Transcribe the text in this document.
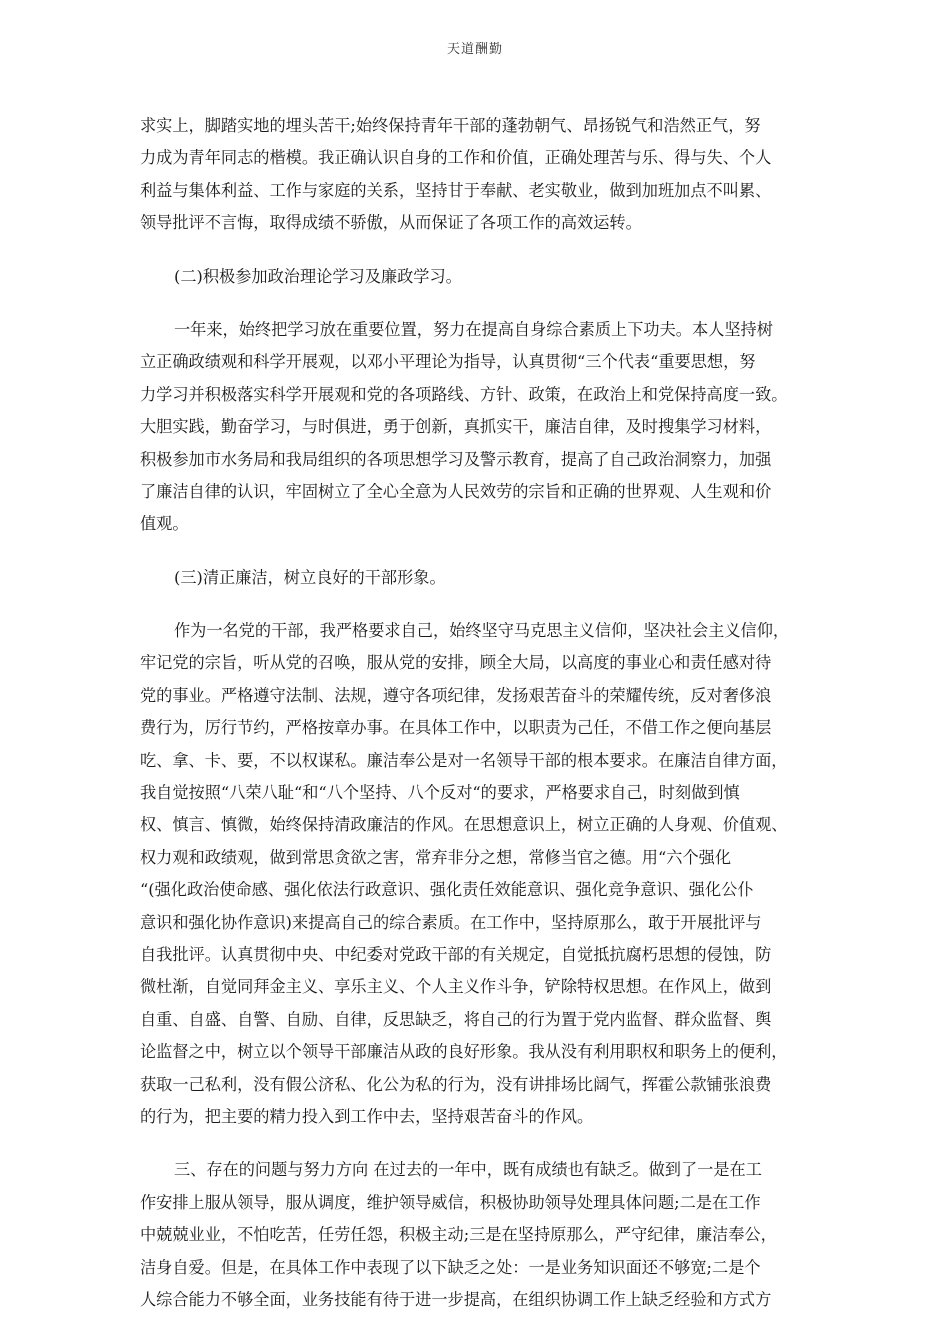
天道酬勤
求实上，脚踏实地的埋头苦干;始终保持青年干部的蓬勃朝气、昂扬锐气和浩然正气，努
力成为青年同志的楷模。我正确认识自身的工作和价值，正确处理苦与乐、得与失、个人
利益与集体利益、工作与家庭的关系，坚持甘于奉献、老实敬业，做到加班加点不叫累、
领导批评不言悔，取得成绩不骄傲，从而保证了各项工作的高效运转。
(二)积极参加政治理论学习及廉政学习。
一年来，始终把学习放在重要位置，努力在提高自身综合素质上下功夫。本人坚持树
立正确政绩观和科学开展观，以邓小平理论为指导，认真贯彻“三个代表“重要思想，努
力学习并积极落实科学开展观和党的各项路线、方针、政策，在政治上和党保持高度一致。
大胆实践，勤奋学习，与时俱进，勇于创新，真抓实干，廉洁自律，及时搜集学习材料，
积极参加市水务局和我局组织的各项思想学习及警示教育，提高了自己政治洞察力，加强
了廉洁自律的认识，牢固树立了全心全意为人民效劳的宗旨和正确的世界观、人生观和价
值观。
(三)清正廉洁，树立良好的干部形象。
作为一名党的干部，我严格要求自己，始终坚守马克思主义信仰，坚决社会主义信仰，
牢记党的宗旨，听从党的召唤，服从党的安排，顾全大局，以高度的事业心和责任感对待
党的事业。严格遵守法制、法规，遵守各项纪律，发扬艰苦奋斗的荣耀传统，反对奢侈浪
费行为，厉行节约，严格按章办事。在具体工作中，以职责为己任，不借工作之便向基层
吃、拿、卡、要，不以权谋私。廉洁奉公是对一名领导干部的根本要求。在廉洁自律方面，
我自觉按照“八荣八耻“和“八个坚持、八个反对“的要求，严格要求自己，时刻做到慎
权、慎言、慎微，始终保持清政廉洁的作风。在思想意识上，树立正确的人身观、价值观、
权力观和政绩观，做到常思贪欲之害，常弃非分之想，常修当官之德。用“六个强化
“(强化政治使命感、强化依法行政意识、强化责任效能意识、强化竞争意识、强化公仆
意识和强化协作意识)来提高自己的综合素质。在工作中，坚持原那么，敢于开展批评与
自我批评。认真贯彻中央、中纪委对党政干部的有关规定，自觉抵抗腐朽思想的侵蚀，防
微杜渐，自觉同拜金主义、享乐主义、个人主义作斗争，铲除特权思想。在作风上，做到
自重、自盛、自警、自励、自律，反思缺乏，将自己的行为置于党内监督、群众监督、舆
论监督之中，树立以个领导干部廉洁从政的良好形象。我从没有利用职权和职务上的便利，
获取一己私利，没有假公济私、化公为私的行为，没有讲排场比阔气，挥霍公款铺张浪费
的行为，把主要的精力投入到工作中去，坚持艰苦奋斗的作风。
三、存在的问题与努力方向 在过去的一年中，既有成绩也有缺乏。做到了一是在工
作安排上服从领导，服从调度，维护领导威信，积极协助领导处理具体问题;二是在工作
中兢兢业业，不怕吃苦，任劳任怨，积极主动;三是在坚持原那么，严守纪律，廉洁奉公，
洁身自爱。但是，在具体工作中表现了以下缺乏之处：一是业务知识面还不够宽;二是个
人综合能力不够全面，业务技能有待于进一步提高，在组织协调工作上缺乏经验和方式方
